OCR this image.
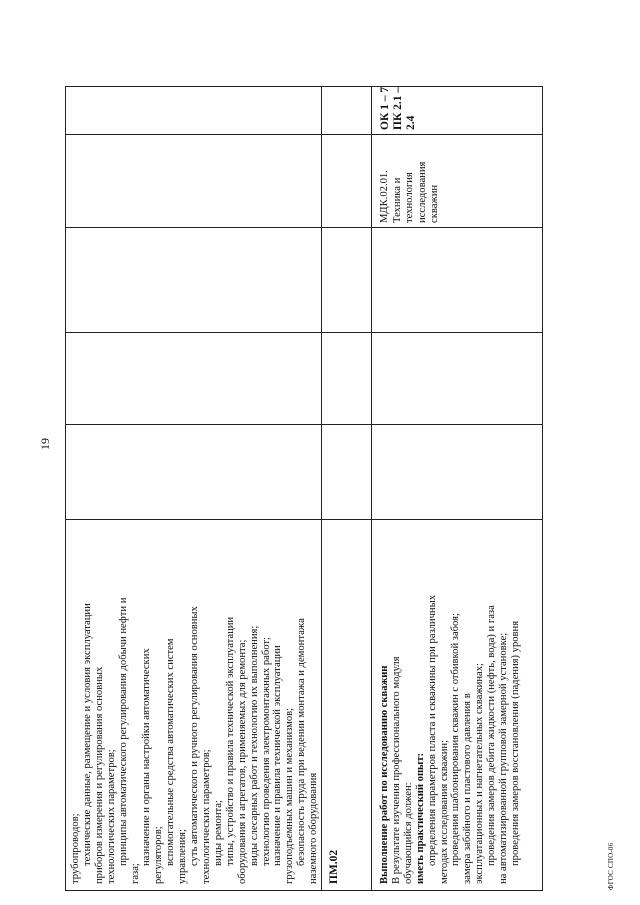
19

трубопроводов; технические данные, размещение и условия эксплуатации приборов измерения и регулирования основных технологических параметров; принципы автоматического регулирования добычи нефти и

газа;

назначение и органы настройки автоматических регуляторов; вспомогательные средства автоматических систем управления; суть автоматического и ручного регулирования основных технологических параметров; виды ремонта; типы, устройство и правила технической эксплуатации оборудования и агрегатов, применяемых для ремонта; виды слесарных работ и технологию их выполнения; технологию проведения электромонтажных работ; назначение и правила технической эксплуатации грузоподъемных машин и механизмов; безопасность труда при ведении монтажа и демонтажа наземного оборудования ПМ.02	Выполнение работ по исследованию скважин В результате изучения профессионального модуля обучающийся должен: иметь практический опыт: определения параметров пласта и скважины при различных методах исследования скважин; проведения шаблонирования скважин с отбивкой забоя; замера забойного и пластового давления в эксплуатационных и нагнетательных скважинах; проведения замеров дебита жидкости (нефть, вода) и газа на автоматизированной групповой замерной установке; проведения замеров восстановления (падения) уровня

МДК.02.01. Техника и технология исследования скважин

ОК 1 – 7 ПК 2.1 – 2.4

ФГОС СПО-06
